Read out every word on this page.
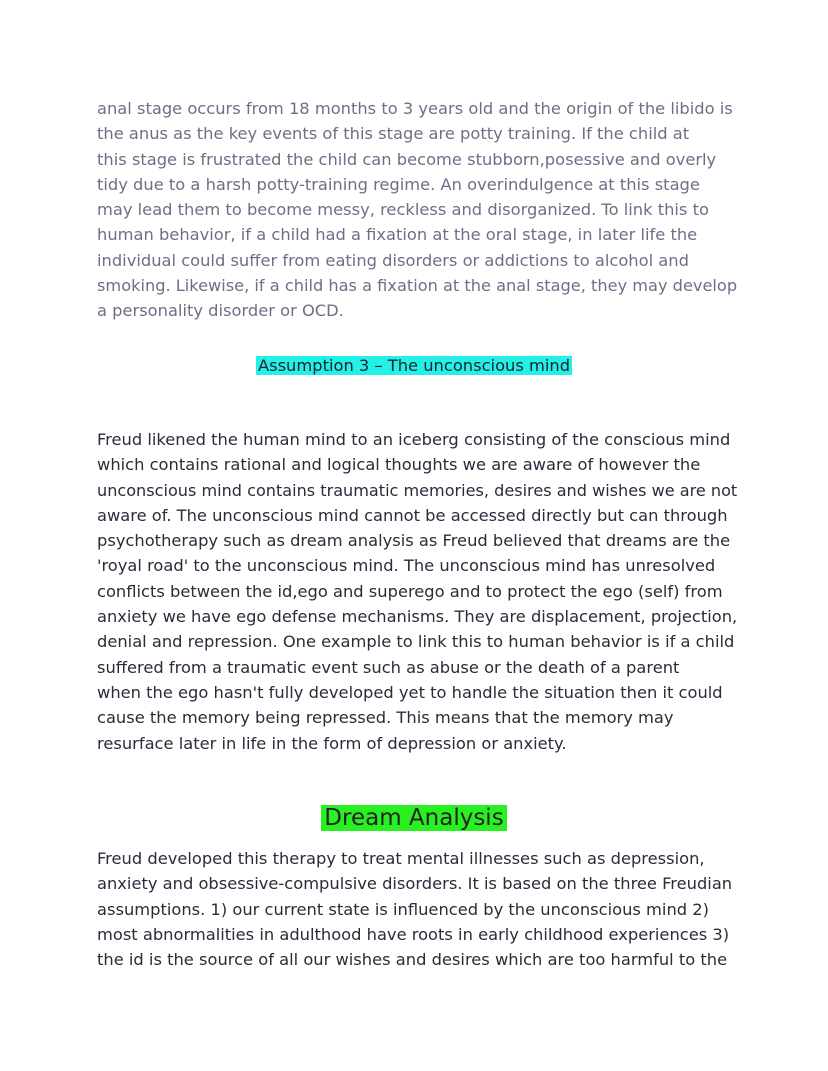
anal stage occurs from 18 months to 3 years old and the origin of the libido is
the anus as the key events of this stage are potty training. If the child at
this stage is frustrated the child can become stubborn,posessive and overly
tidy due to a harsh potty-training regime. An overindulgence at this stage
may lead them to become messy, reckless and disorganized. To link this to
human behavior, if a child had a fixation at the oral stage, in later life the
individual could suffer from eating disorders or addictions to alcohol and
smoking. Likewise, if a child has a fixation at the anal stage, they may develop
a personality disorder or OCD.
Assumption 3 – The unconscious mind
Freud likened the human mind to an iceberg consisting of the conscious mind
which contains rational and logical thoughts we are aware of however the
unconscious mind contains traumatic memories, desires and wishes we are not
aware of. The unconscious mind cannot be accessed directly but can through
psychotherapy such as dream analysis as Freud believed that dreams are the
'royal road' to the unconscious mind. The unconscious mind has unresolved
conflicts between the id,ego and superego and to protect the ego (self) from
anxiety we have ego defense mechanisms. They are displacement, projection,
denial and repression. One example to link this to human behavior is if a child
suffered from a traumatic event such as abuse or the death of a parent
when the ego hasn't fully developed yet to handle the situation then it could
cause the memory being repressed. This means that the memory may
resurface later in life in the form of depression or anxiety.
Dream Analysis
Freud developed this therapy to treat mental illnesses such as depression,
anxiety and obsessive-compulsive disorders. It is based on the three Freudian
assumptions. 1) our current state is influenced by the unconscious mind 2)
most abnormalities in adulthood have roots in early childhood experiences 3)
the id is the source of all our wishes and desires which are too harmful to the
